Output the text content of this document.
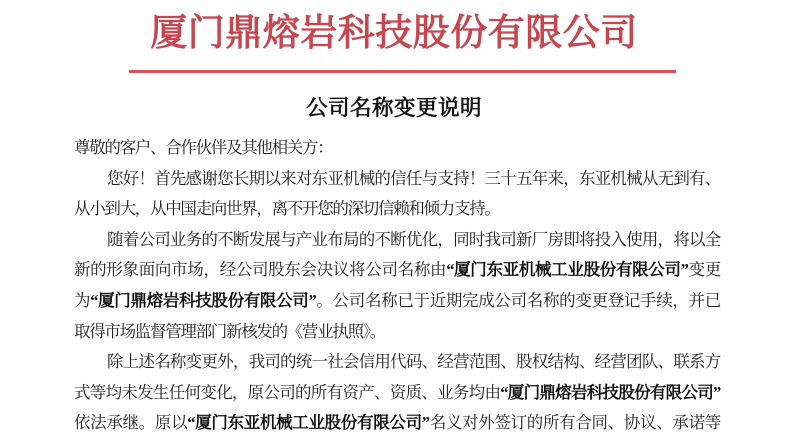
厦门鼎熔岩科技股份有限公司
公司名称变更说明
尊敬的客户、合作伙伴及其他相关方：
您好！首先感谢您长期以来对东亚机械的信任与支持！三十五年来，东亚机械从无到有、
从小到大，从中国走向世界，离不开您的深切信赖和倾力支持。
随着公司业务的不断发展与产业布局的不断优化，同时我司新厂房即将投入使用，将以全
新的形象面向市场，经公司股东会决议将公司名称由“厦门东亚机械工业股份有限公司”变更
为“厦门鼎熔岩科技股份有限公司”。公司名称已于近期完成公司名称的变更登记手续，并已
取得市场监督管理部门新核发的《营业执照》。
除上述名称变更外，我司的统一社会信用代码、经营范围、股权结构、经营团队、联系方
式等均未发生任何变化，原公司的所有资产、资质、业务均由“厦门鼎熔岩科技股份有限公司”
依法承继。原以“厦门东亚机械工业股份有限公司”名义对外签订的所有合同、协议、承诺等
